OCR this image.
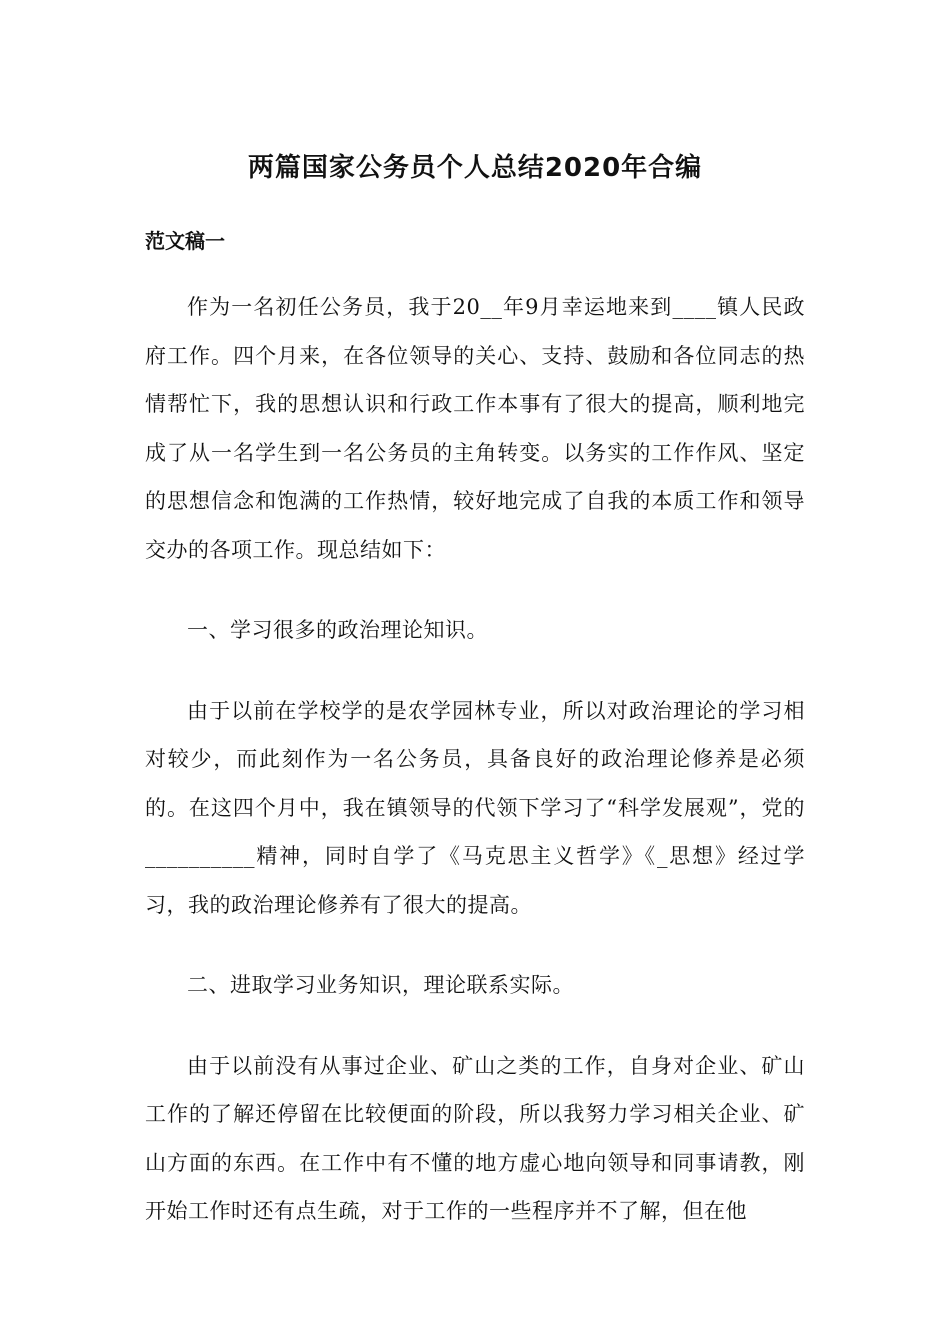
两篇国家公务员个人总结2020年合编
范文稿一

作为一名初任公务员，我于20__年9月幸运地来到____镇人民政府工作。四个月来，在各位领导的关心、支持、鼓励和各位同志的热情帮忙下，我的思想认识和行政工作本事有了很大的提高，顺利地完成了从一名学生到一名公务员的主角转变。以务实的工作作风、坚定的思想信念和饱满的工作热情，较好地完成了自我的本质工作和领导交办的各项工作。现总结如下：

一、学习很多的政治理论知识。

由于以前在学校学的是农学园林专业，所以对政治理论的学习相对较少，而此刻作为一名公务员，具备良好的政治理论修养是必须的。在这四个月中，我在镇领导的代领下学习了“科学发展观”，党的__________精神，同时自学了《马克思主义哲学》《_思想》经过学习，我的政治理论修养有了很大的提高。

二、进取学习业务知识，理论联系实际。

由于以前没有从事过企业、矿山之类的工作，自身对企业、矿山工作的了解还停留在比较便面的阶段，所以我努力学习相关企业、矿山方面的东西。在工作中有不懂的地方虚心地向领导和同事请教，刚开始工作时还有点生疏，对于工作的一些程序并不了解，但在他
